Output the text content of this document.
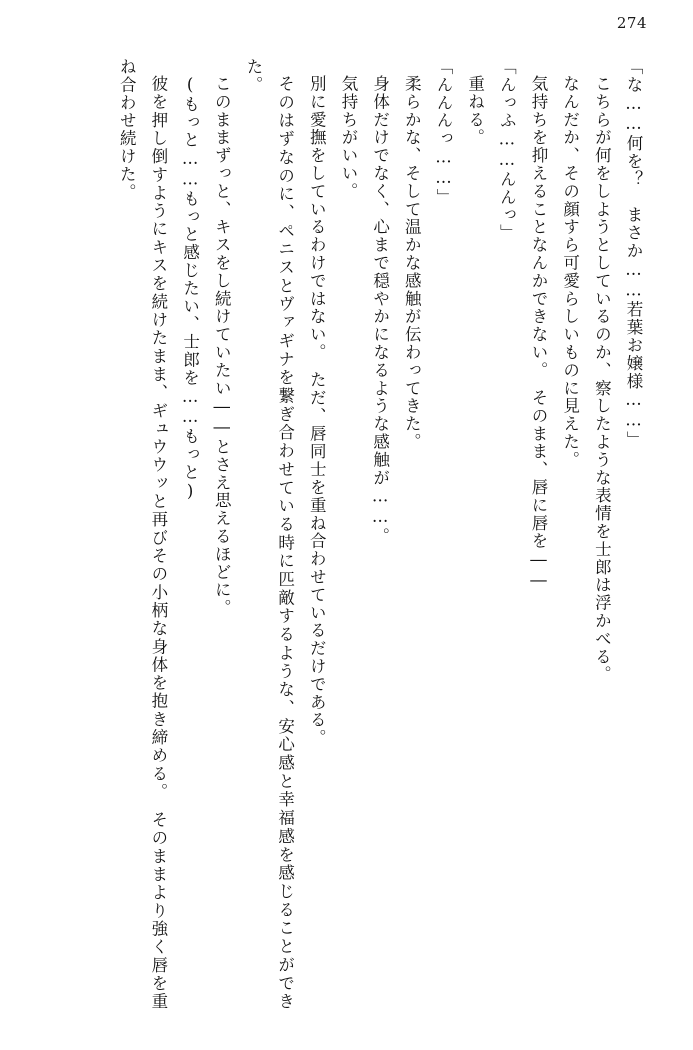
274

「な……何を？　まさか……若葉お嬢様……」

こちらが何をしようとしているのか、察したような表情を士郎は浮かべる。

なんだか、その顔すら可愛らしいものに見えた。

気持ちを抑えることなんかできない。　そのまま、唇に唇を――

「んっふ……んんっ」

重ねる。

「んんんっ……」

柔らかな、そして温かな感触が伝わってきた。

身体だけでなく、心まで穏やかになるような感触が……。

気持ちがいい。

別に愛撫をしているわけではない。　ただ、唇同士を重ね合わせているだけである。

そのはずなのに、ペニスとヴァギナを繋ぎ合わせている時に匹敵するような、安心感と幸福感を感じることができた。

このままずっと、キスをし続けていたい――とさえ思えるほどに。

(もっと……もっと感じたい、士郎を……もっと)

彼を押し倒すようにキスを続けたまま、ギュウウッと再びその小柄な身体を抱き締める。　そのままより強く唇を重ね合わせ続けた。
